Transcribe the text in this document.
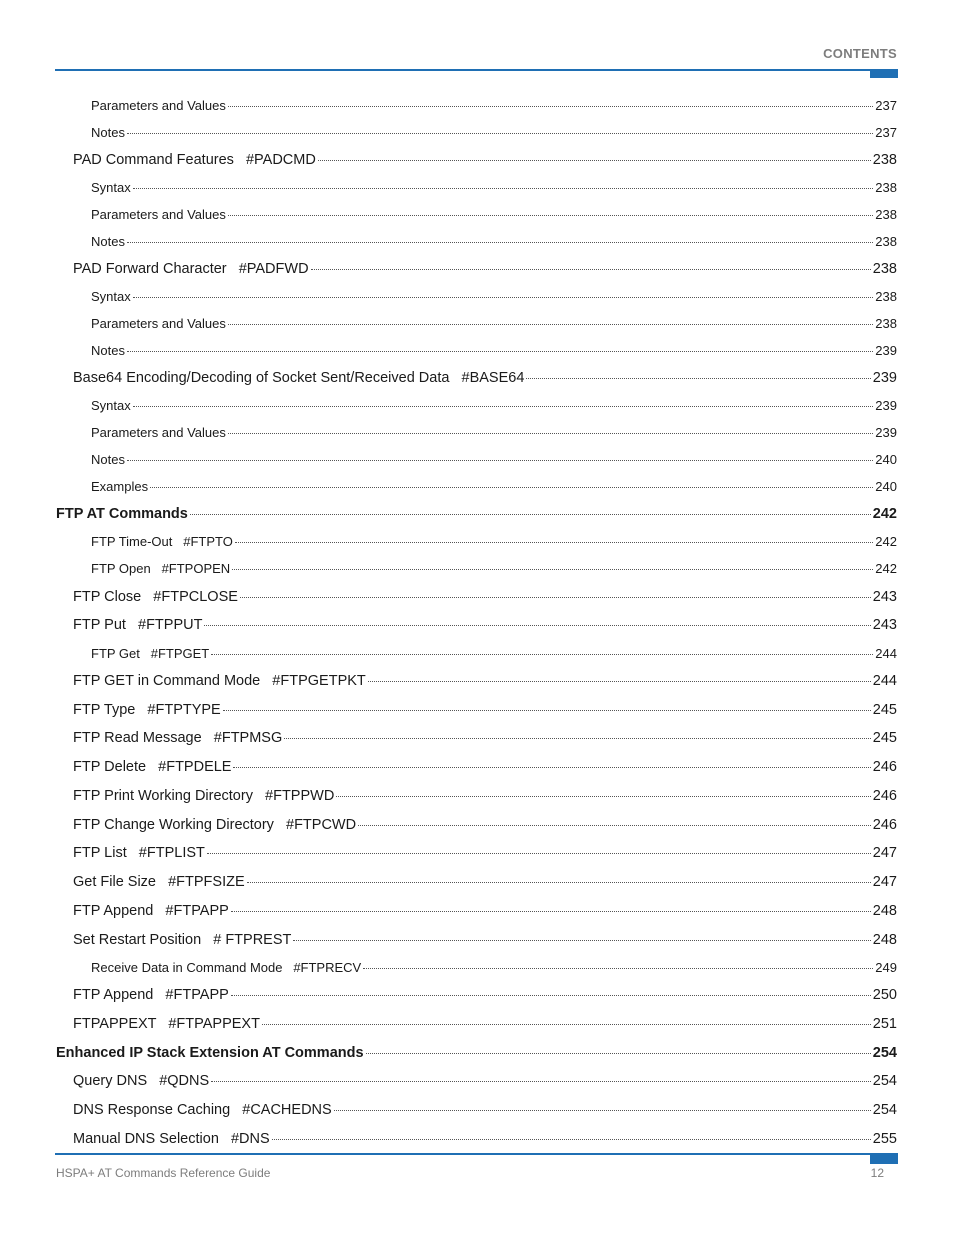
CONTENTS
Parameters and Values	237
Notes	237
PAD Command Features   #PADCMD	238
Syntax	238
Parameters and Values	238
Notes	238
PAD Forward Character   #PADFWD	238
Syntax	238
Parameters and Values	238
Notes	239
Base64 Encoding/Decoding of Socket Sent/Received Data   #BASE64	239
Syntax	239
Parameters and Values	239
Notes	240
Examples	240
FTP AT Commands	242
FTP Time-Out   #FTPTO	242
FTP Open   #FTPOPEN	242
FTP Close   #FTPCLOSE	243
FTP Put   #FTPPUT	243
FTP Get   #FTPGET	244
FTP GET in Command Mode   #FTPGETPKT	244
FTP Type   #FTPTYPE	245
FTP Read Message   #FTPMSG	245
FTP Delete   #FTPDELE	246
FTP Print Working Directory   #FTPPWD	246
FTP Change Working Directory   #FTPCWD	246
FTP List   #FTPLIST	247
Get File Size   #FTPFSIZE	247
FTP Append   #FTPAPP	248
Set Restart Position   # FTPREST	248
Receive Data in Command Mode   #FTPRECV	249
FTP Append   #FTPAPP	250
FTPAPPEXT   #FTPAPPEXT	251
Enhanced IP Stack Extension AT Commands	254
Query DNS   #QDNS	254
DNS Response Caching   #CACHEDNS	254
Manual DNS Selection   #DNS	255
HSPA+ AT Commands Reference Guide	12
